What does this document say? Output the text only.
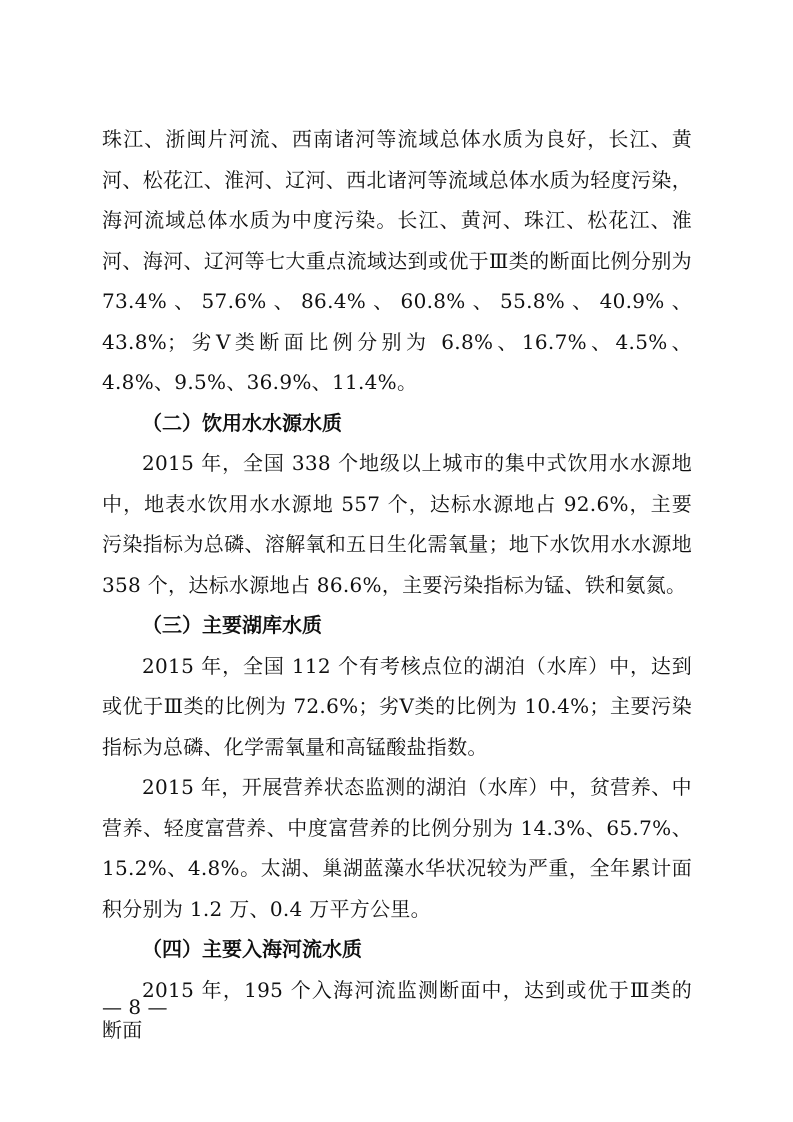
珠江、浙闽片河流、西南诸河等流域总体水质为良好，长江、黄河、松花江、淮河、辽河、西北诸河等流域总体水质为轻度污染，海河流域总体水质为中度污染。长江、黄河、珠江、松花江、淮河、海河、辽河等七大重点流域达到或优于Ⅲ类的断面比例分别为 73.4%、57.6%、86.4%、60.8%、55.8%、40.9%、43.8%；劣Ⅴ类断面比例分别为 6.8%、16.7%、4.5%、4.8%、9.5%、36.9%、11.4%。

（二）饮用水水源水质

2015 年，全国 338 个地级以上城市的集中式饮用水水源地中，地表水饮用水水源地 557 个，达标水源地占 92.6%，主要污染指标为总磷、溶解氧和五日生化需氧量；地下水饮用水水源地 358 个，达标水源地占 86.6%，主要污染指标为锰、铁和氨氮。

（三）主要湖库水质

2015 年，全国 112 个有考核点位的湖泊（水库）中，达到或优于Ⅲ类的比例为 72.6%；劣Ⅴ类的比例为 10.4%；主要污染指标为总磷、化学需氧量和高锰酸盐指数。

2015 年，开展营养状态监测的湖泊（水库）中，贫营养、中营养、轻度富营养、中度富营养的比例分别为 14.3%、65.7%、15.2%、4.8%。太湖、巢湖蓝藻水华状况较为严重，全年累计面积分别为 1.2 万、0.4 万平方公里。

（四）主要入海河流水质

2015 年，195 个入海河流监测断面中，达到或优于Ⅲ类的断面

— 8 —
